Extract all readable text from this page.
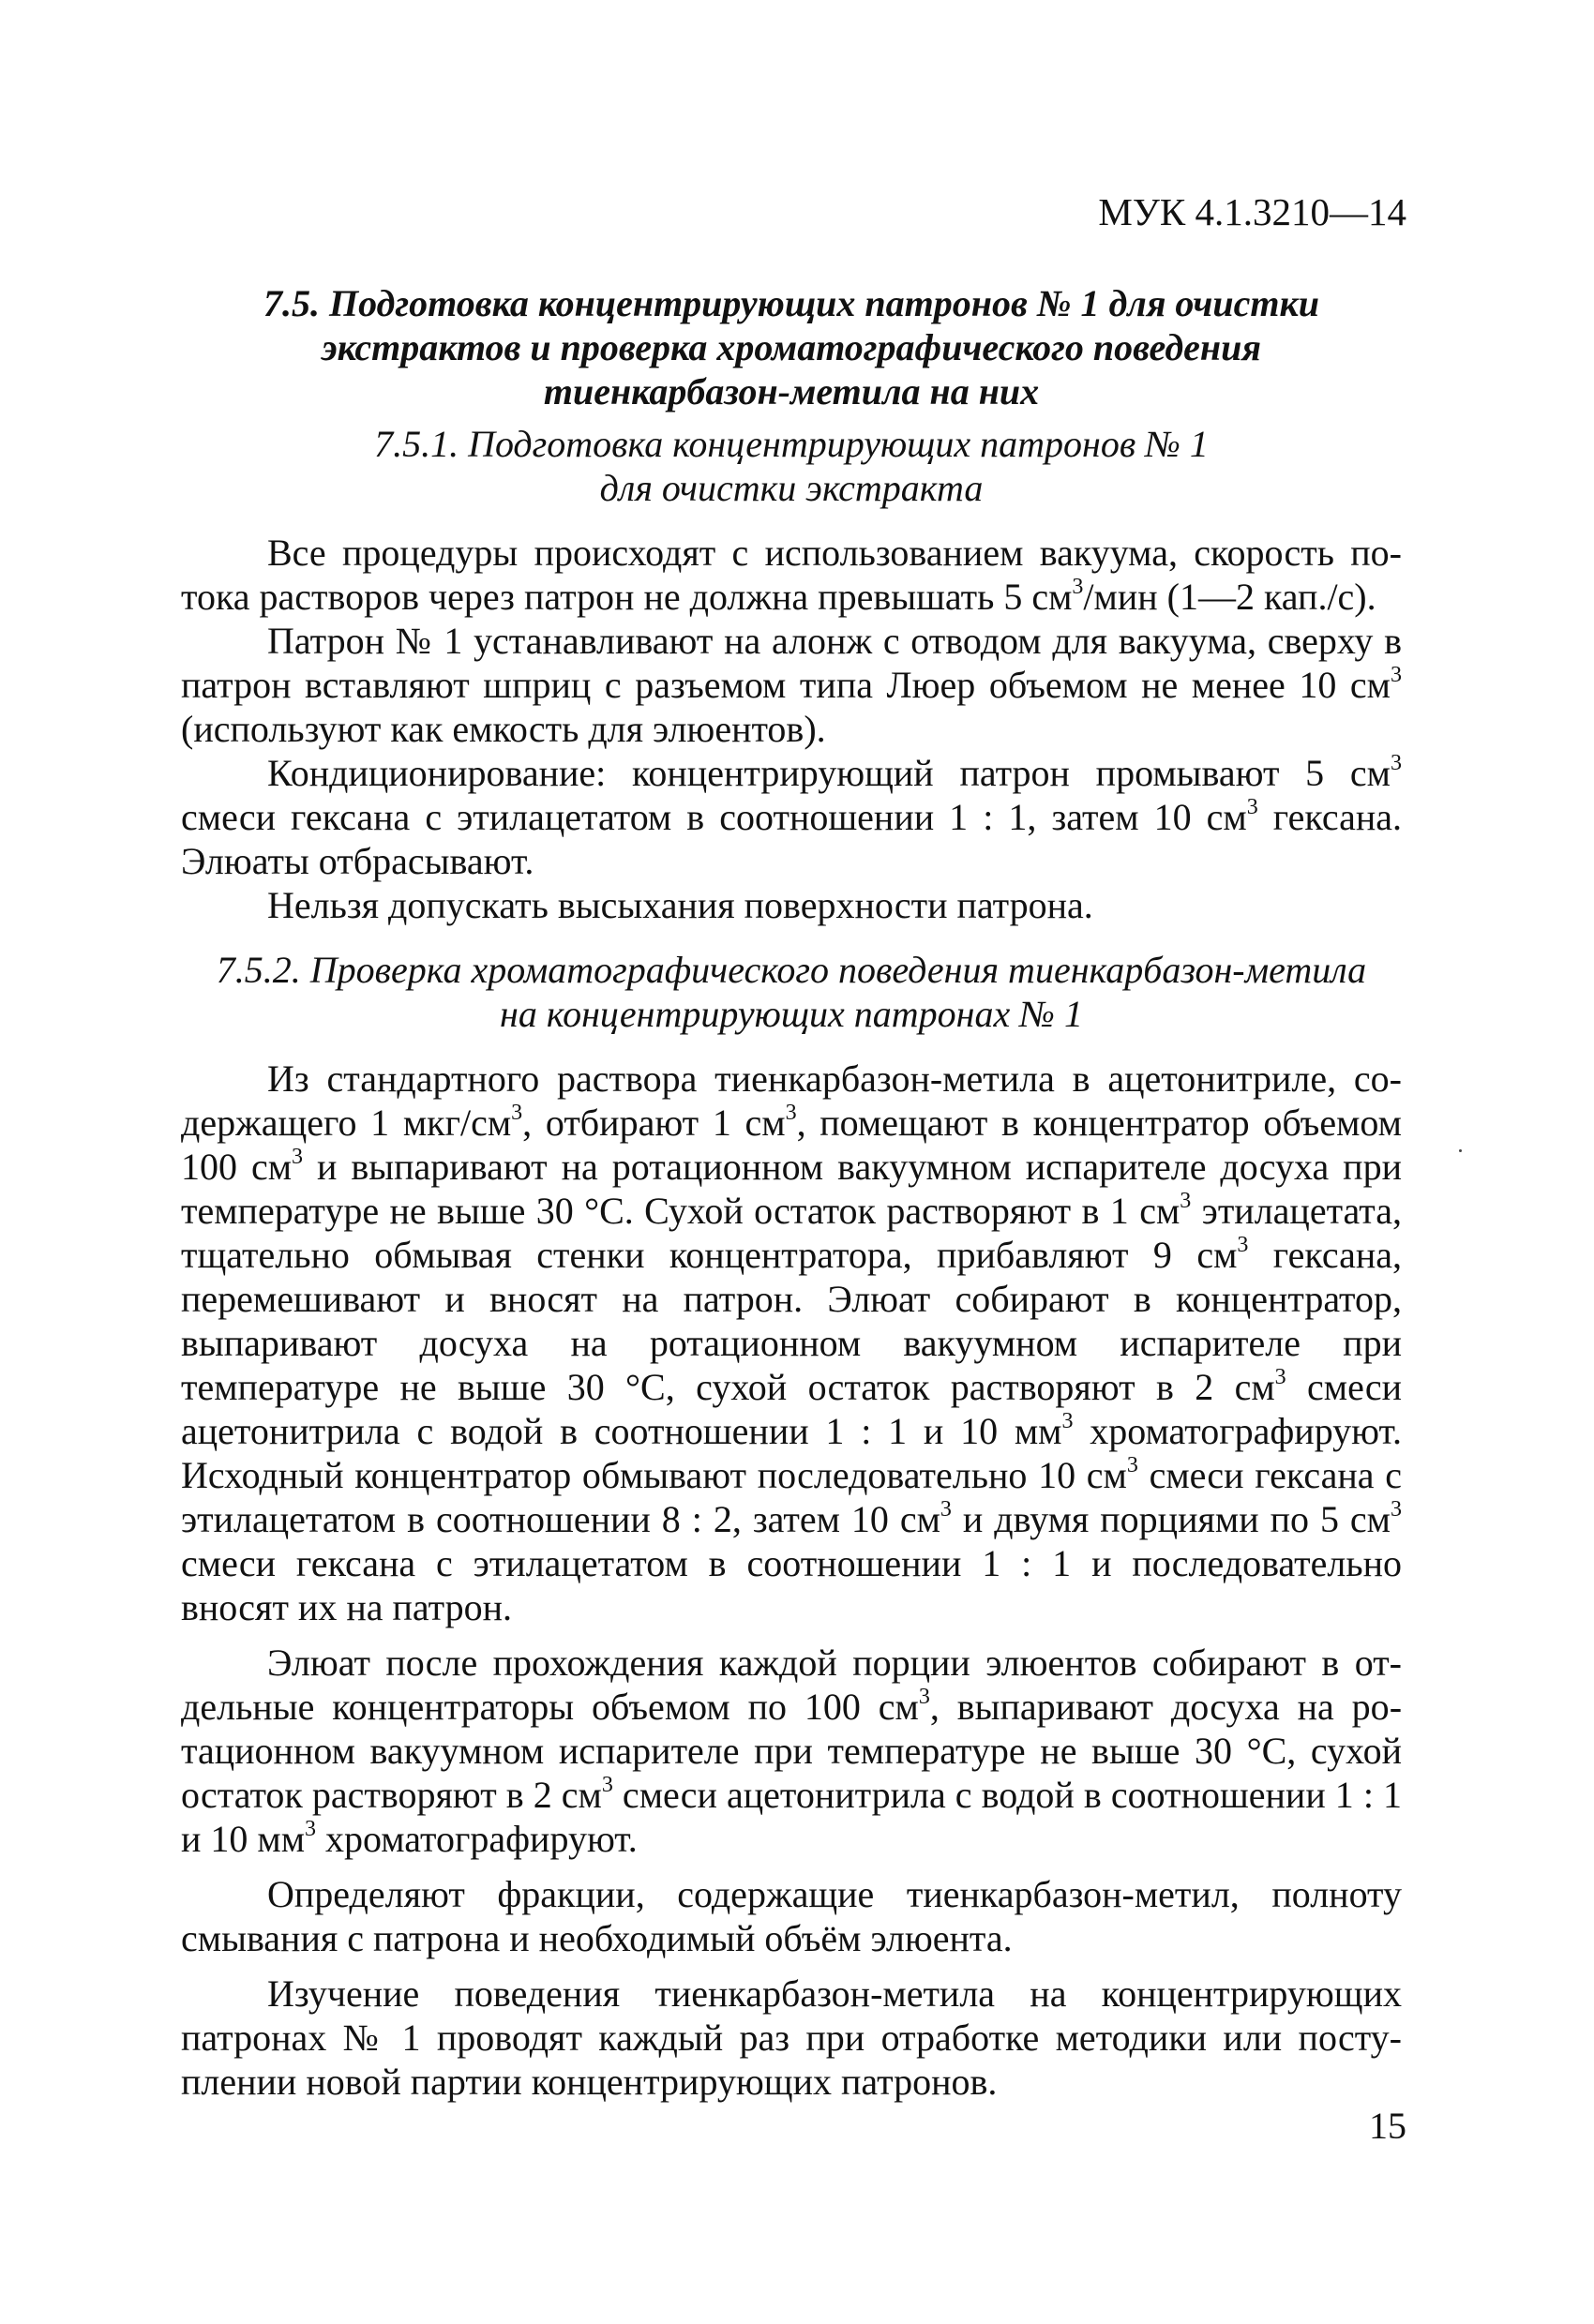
МУК 4.1.3210—14
7.5. Подготовка концентрирующих патронов № 1 для очистки
экстрактов и проверка хроматографического поведения
тиенкарбазон-метила на них
7.5.1. Подготовка концентрирующих патронов № 1
для очистки экстракта

Все процедуры происходят с использованием вакуума, скорость потока растворов через патрон не должна превышать 5 $см^3$/мин (1—2 кап./с).

Патрон № 1 устанавливают на алонж с отводом для вакуума, сверху в патрон вставляют шприц с разъемом типа Люер объемом не менее 10 $см^3$ (используют как емкость для элюентов).

Кондиционирование: концентрирующий патрон промывают 5 $см^3$ смеси гексана с этилацетатом в соотношении 1 : 1, затем 10 $см^3$ гексана. Элюаты отбрасывают.

Нельзя допускать высыхания поверхности патрона.

7.5.2. Проверка хроматографического поведения тиенкарбазон-метила
на концентрирующих патронах № 1

Из стандартного раствора тиенкарбазон-метила в ацетонитриле, содержащего 1 мкг/$см^3$, отбирают 1 $см^3$, помещают в концентратор объемом 100 $см^3$ и выпаривают на ротационном вакуумном испарителе досуха при температуре не выше 30 °С. Сухой остаток растворяют в 1 $см^3$ этилацетата, тщательно обмывая стенки концентратора, прибавляют 9 $см^3$ гексана, перемешивают и вносят на патрон. Элюат собирают в концентратор, выпаривают досуха на ротационном вакуумном испарителе при температуре не выше 30 °С, сухой остаток растворяют в 2 $см^3$ смеси ацетонитрила с водой в соотношении 1 : 1 и 10 $мм^3$ хроматографируют. Исходный концентратор обмывают последовательно 10 $см^3$ смеси гексана с этилацетатом в соотношении 8 : 2, затем 10 $см^3$ и двумя порциями по 5 $см^3$ смеси гексана с этилацетатом в соотношении 1 : 1 и последовательно вносят их на патрон.

Элюат после прохождения каждой порции элюентов собирают в отдельные концентраторы объемом по 100 $см^3$, выпаривают досуха на ротационном вакуумном испарителе при температуре не выше 30 °С, сухой остаток растворяют в 2 $см^3$ смеси ацетонитрила с водой в соотношении 1 : 1 и 10 $мм^3$ хроматографируют.

Определяют фракции, содержащие тиенкарбазон-метил, полноту смывания с патрона и необходимый объём элюента.

Изучение поведения тиенкарбазон-метила на концентрирующих патронах № 1 проводят каждый раз при отработке методики или поступлении новой партии концентрирующих патронов.

15
